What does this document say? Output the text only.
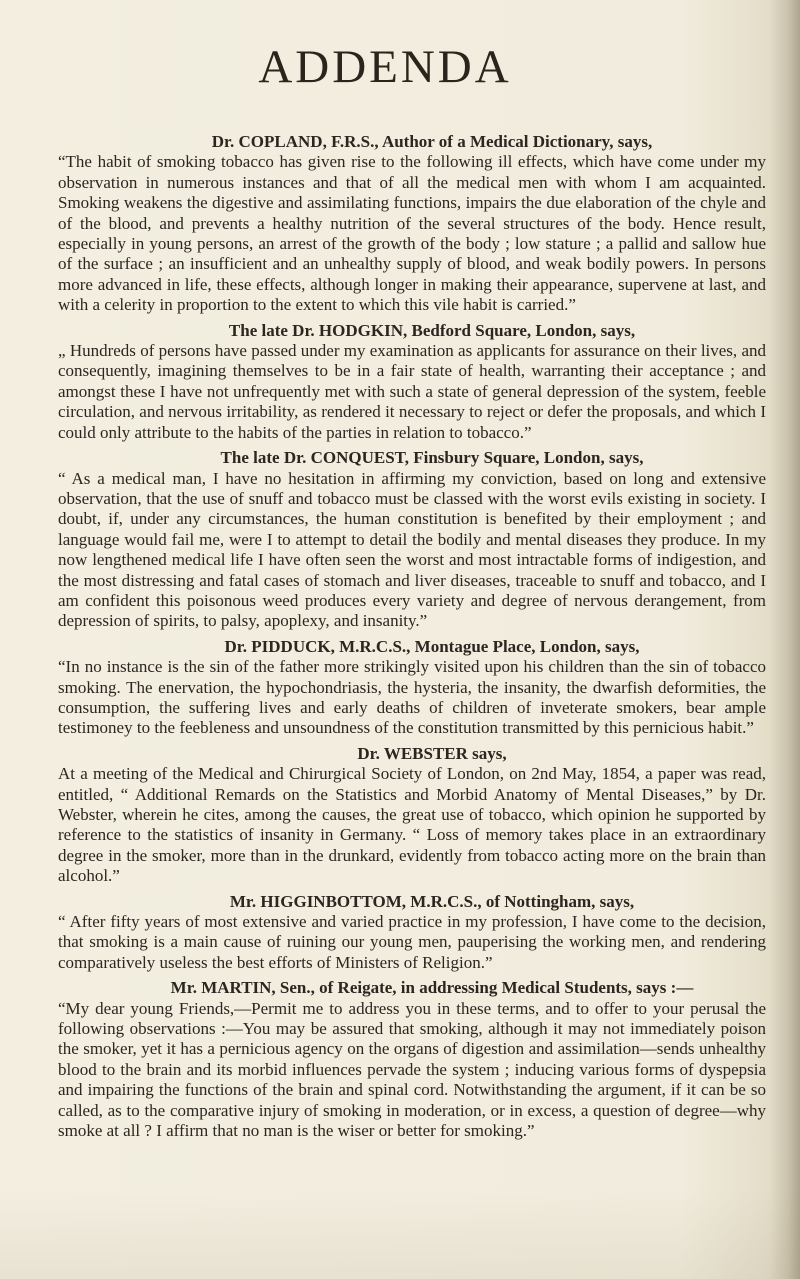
ADDENDA

Dr. COPLAND, F.R.S., Author of a Medical Dictionary, says,

“The habit of smoking tobacco has given rise to the following ill effects, which have come under my observation in numerous instances and that of all the medical men with whom I am acquainted. Smoking weakens the digestive and assimilating functions, impairs the due elaboration of the chyle and of the blood, and prevents a healthy nutrition of the several structures of the body. Hence result, especially in young persons, an arrest of the growth of the body ; low stature ; a pallid and sallow hue of the surface ; an insufficient and an unhealthy supply of blood, and weak bodily powers. In persons more advanced in life, these effects, although longer in making their appearance, supervene at last, and with a celerity in proportion to the extent to which this vile habit is carried.”

The late Dr. HODGKIN, Bedford Square, London, says,

„ Hundreds of persons have passed under my examination as applicants for assurance on their lives, and consequently, imagining themselves to be in a fair state of health, warranting their acceptance ; and amongst these I have not unfrequently met with such a state of general depression of the system, feeble circulation, and nervous irritability, as rendered it necessary to reject or defer the proposals, and which I could only attribute to the habits of the parties in relation to tobacco.”

The late Dr. CONQUEST, Finsbury Square, London, says,

“ As a medical man, I have no hesitation in affirming my conviction, based on long and extensive observation, that the use of snuff and tobacco must be classed with the worst evils existing in society. I doubt, if, under any circumstances, the human constitution is benefited by their employment ; and language would fail me, were I to attempt to detail the bodily and mental diseases they produce. In my now lengthened medical life I have often seen the worst and most intractable forms of indigestion, and the most distressing and fatal cases of stomach and liver diseases, traceable to snuff and tobacco, and I am confident this poisonous weed produces every variety and degree of nervous derangement, from depression of spirits, to palsy, apoplexy, and insanity.”

Dr. PIDDUCK, M.R.C.S., Montague Place, London, says,

“In no instance is the sin of the father more strikingly visited upon his children than the sin of tobacco smoking. The enervation, the hypochondriasis, the hysteria, the insanity, the dwarfish deformities, the consumption, the suffering lives and early deaths of children of inveterate smokers, bear ample testimoney to the feebleness and unsoundness of the constitution transmitted by this pernicious habit.”

Dr. WEBSTER says,

At a meeting of the Medical and Chirurgical Society of London, on 2nd May, 1854, a paper was read, entitled, “ Additional Remards on the Statistics and Morbid Anatomy of Mental Diseases,” by Dr. Webster, wherein he cites, among the causes, the great use of tobacco, which opinion he supported by reference to the statistics of insanity in Germany. “ Loss of memory takes place in an extraordinary degree in the smoker, more than in the drunkard, evidently from tobacco acting more on the brain than alcohol.”

Mr. HIGGINBOTTOM, M.R.C.S., of Nottingham, says,

“ After fifty years of most extensive and varied practice in my profession, I have come to the decision, that smoking is a main cause of ruining our young men, pauperising the working men, and rendering comparatively useless the best efforts of Ministers of Religion.”

Mr. MARTIN, Sen., of Reigate, in addressing Medical Students, says :—

“My dear young Friends,—Permit me to address you in these terms, and to offer to your perusal the following observations :—You may be assured that smoking, although it may not immediately poison the smoker, yet it has a pernicious agency on the organs of digestion and assimilation—sends unhealthy blood to the brain and its morbid influences pervade the system ; inducing various forms of dyspepsia and impairing the functions of the brain and spinal cord. Notwithstanding the argument, if it can be so called, as to the comparative injury of smoking in moderation, or in excess, a question of degree—why smoke at all ? I affirm that no man is the wiser or better for smoking.”
